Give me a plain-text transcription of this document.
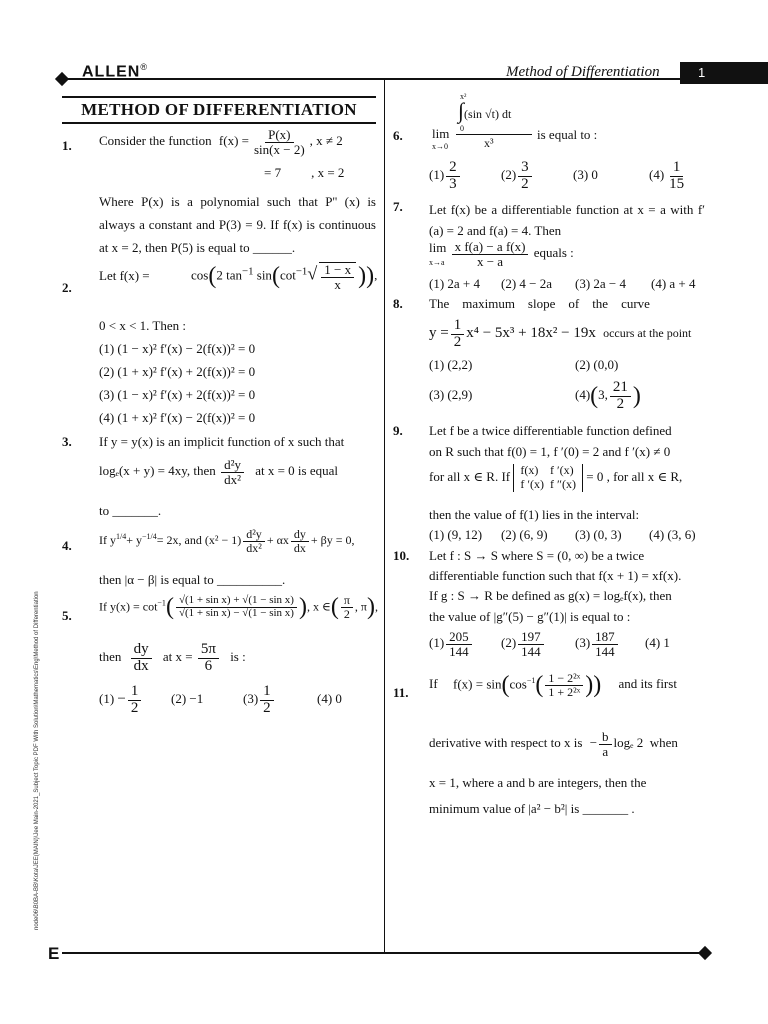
ALLEN®	Method of Differentiation	1
node06\B0BA-BB\Kota\JEE(MAIN)\Jee Main-2021_Subject Topic PDF With Solution\Mathematics\Eng\Method of Differentiation
E
METHOD OF DIFFERENTIATION
1. Consider the function $f(x) = \frac{P(x)}{\sin(x - 2)}$ , x ≠ 2
= 7 , x = 2
Where P(x) is a polynomial such that P'' (x) is always a constant and P(3) = 9. If f(x) is continuous at x = 2, then P(5) is equal to ______.
2.
Let f(x) =	cos(2 $\tan^{-1} \sin(\cot^{-1}√ \frac{1 - x}{x}$ )),
0 < x < 1. Then :
(1) (1 − x)² f′(x) − 2(f(x))² = 0
(2) (1 + x)² f′(x) + 2(f(x))² = 0
(3) (1 − x)² f′(x) + 2(f(x))² = 0
(4) (1 + x)² f′(x) − 2(f(x))² = 0
3. If y = y(x) is an implicit function of x such that
logₑ(x + y) = 4xy, then $\frac{\text{d²y}}{\text{dx²}}$ at x = 0 is equal
to _______.
4. If $y^{1/4}+ y^{-1/4}= 2x$, and $(x^2 - 1) \frac{\text{d²y}}{\text{dx²}} + \alpha x \frac{dy}{dx} + \beta y = 0$,
then |α − β| is equal to __________.
5.
If $y(x) = \cot^{-1}( \frac{\text{√(1 + sin x) + √(1 − sin x)}}{\text{√(1 + sin x) − √(1 − sin x)}}$ ), x ∈( $\frac{\pi}{2}$ , π),
then $\frac{dy}{dx}$ at $x = \frac{5\pi}{6}$ is :
$(1) - \frac{1}{2} (2) -1$	$(3) \frac{1}{2}$	(4) 0
6. lim
x→0
x²
∫(sin √t) dt
0
x³
is equal to :
$(1) \frac{2}{3}$	$(2) \frac{3}{2}$	(3) 0	$(4) \frac{1}{15}$
7. Let f(x) be a differentiable function at x = a with f′(a) = 2 and f(a) = 4. Then
lim
$x\to a \frac{\text{x f(a) − a f(x)}}{x - a}$ equals :
(1) 2a + 4 (2) 4 − 2a (3) 2a − 4 (4) a + 4
8. The    maximum    slope    of    the    curve
$y = \frac{1}{2} x^4 - 5x^3 + 18x^2 - 19x$ occurs at the point
(1) (2,2)	(2) (0,0)
(3) (2,9)	(4)(3, $\frac{21}{2}$ )
9. Let f be a twice differentiable function defined
on R such that f(0) = 1, f ′(0) = 2 and f ′(x) ≠ 0
for all x ∈ R. If f(x)	f ′(x)
f ′(x)	f ″(x)
= 0 , for all x ∈ R,
then the value of f(1) lies in the interval:
(1) (9, 12) (2) (6, 9) (3) (0, 3) (4) (3, 6)
10. Let f : S → S where S = (0, ∞) be a twice
differentiable function such that f(x + 1) = xf(x).
If g : S → R be defined as g(x) = logₑf(x), then
the value of |g″(5) − g″(1)| is equal to :
$(1) \frac{205}{144} (2) \frac{197}{144} (3) \frac{187}{144} (4)$ 1
11.
If $f(x) = \sin(\cos^{-1}( \frac{\text{1 − 2²ˣ}}{\text{1 + 2²ˣ}}$ )) and its first
derivative with respect to x is − $\frac{b}{a}$ logₑ 2  when
x = 1, where a and b are integers, then the
minimum value of |a² − b²| is _______ .
